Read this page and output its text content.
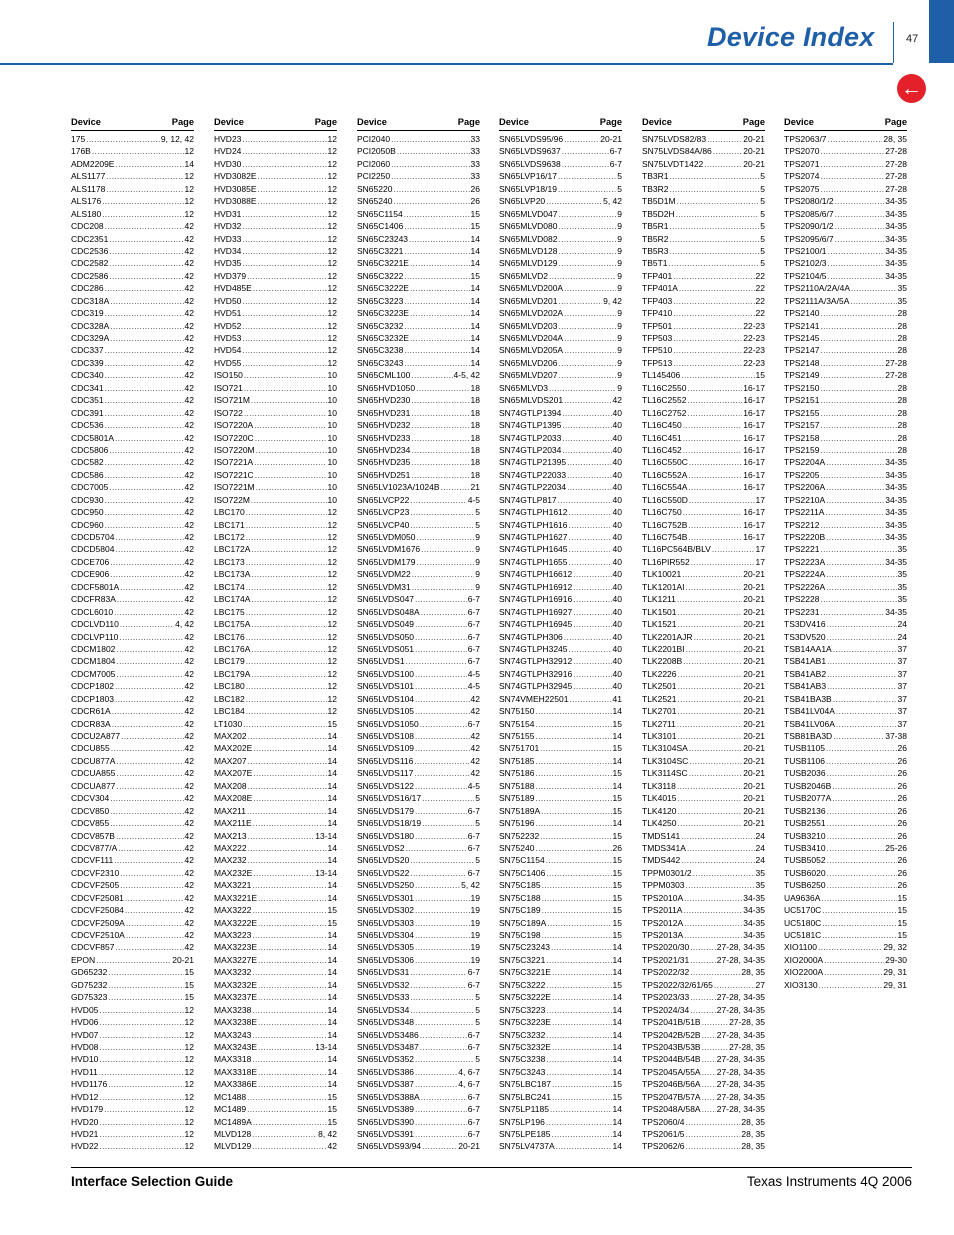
Device Index	47
←
Device	Page
175 .....	9, 12, 42
176B .....	12
ADM2209E .....	14
ALS1177 .....	12
ALS1178 .....	12
ALS176 .....	12
ALS180 .....	12
CDC208 .....	42
CDC2351 .....	42
CDC2536 .....	42
CDC2582 .....	42
CDC2586 .....	42
CDC286 .....	42
CDC318A .....	42
CDC319 .....	42
CDC328A .....	42
CDC329A .....	42
CDC337 .....	42
CDC339 .....	42
CDC340 .....	42
CDC341 .....	42
CDC351 .....	42
CDC391 .....	42
CDC536 .....	42
CDC5801A .....	42
CDC5806 .....	42
CDC582 .....	42
CDC586 .....	42
CDC7005 .....	42
CDC930 .....	42
CDC950 .....	42
CDC960 .....	42
CDCD5704 .....	42
CDCD5804 .....	42
CDCE706 .....	42
CDCE906 .....	42
CDCF5801A .....	42
CDCFR83A .....	42
CDCL6010 .....	42
CDCLVD110 .....	4, 42
CDCLVP110 .....	42
CDCM1802 .....	42
CDCM1804 .....	42
CDCM7005 .....	42
CDCP1802 .....	42
CDCP1803 .....	42
CDCR61A .....	42
CDCR83A .....	42
CDCU2A877 .....	42
CDCU855 .....	42
CDCU877A .....	42
CDCUA855 .....	42
CDCUA877 .....	42
CDCV304 .....	42
CDCV850 .....	42
CDCV855 .....	42
CDCV857B .....	42
CDCV877/A .....	42
CDCVF111 .....	42
CDCVF2310 .....	42
CDCVF2505 .....	42
CDCVF25081 .....	42
CDCVF25084 .....	42
CDCVF2509A .....	42
CDCVF2510A .....	42
CDCVF857 .....	42
EPON .....	20-21
GD65232 .....	15
GD75232 .....	15
GD75323 .....	15
HVD05 .....	12
HVD06 .....	12
HVD07 .....	12
HVD08 .....	12
HVD10 .....	12
HVD11 .....	12
HVD1176 .....	12
HVD12 .....	12
HVD179 .....	12
HVD20 .....	12
HVD21 .....	12
HVD22 .....	12
Device	Page
HVD23 .....	12
HVD24 .....	12
HVD30 .....	12
HVD3082E .....	12
HVD3085E .....	12
HVD3088E .....	12
HVD31 .....	12
HVD32 .....	12
HVD33 .....	12
HVD34 .....	12
HVD35 .....	12
HVD379 .....	12
HVD485E .....	12
HVD50 .....	12
HVD51 .....	12
HVD52 .....	12
HVD53 .....	12
HVD54 .....	12
HVD55 .....	12
ISO150 .....	10
ISO721 .....	10
ISO721M .....	10
ISO722 .....	10
ISO7220A .....	10
ISO7220C .....	10
ISO7220M .....	10
ISO7221A .....	10
ISO7221C .....	10
ISO7221M .....	10
ISO722M .....	10
LBC170 .....	12
LBC171 .....	12
LBC172 .....	12
LBC172A .....	12
LBC173 .....	12
LBC173A .....	12
LBC174 .....	12
LBC174A .....	12
LBC175 .....	12
LBC175A .....	12
LBC176 .....	12
LBC176A .....	12
LBC179 .....	12
LBC179A .....	12
LBC180 .....	12
LBC182 .....	12
LBC184 .....	12
LT1030 .....	15
MAX202 .....	14
MAX202E .....	14
MAX207 .....	14
MAX207E .....	14
MAX208 .....	14
MAX208E .....	14
MAX211 .....	14
MAX211E .....	14
MAX213 .....	13-14
MAX222 .....	14
MAX232 .....	14
MAX232E .....	13-14
MAX3221 .....	14
MAX3221E .....	14
MAX3222 .....	15
MAX3222E .....	15
MAX3223 .....	14
MAX3223E .....	14
MAX3227E .....	14
MAX3232 .....	14
MAX3232E .....	14
MAX3237E .....	14
MAX3238 .....	14
MAX3238E .....	14
MAX3243 .....	14
MAX3243E .....	13-14
MAX3318 .....	14
MAX3318E .....	14
MAX3386E .....	14
MC1488 .....	15
MC1489 .....	15
MC1489A .....	15
MLVD128 .....	8, 42
MLVD129 .....	42
Device	Page
PCI2040 .....	33
PCI2050B .....	33
PCI2060 .....	33
PCI2250 .....	33
SN65220 .....	26
SN65240 .....	26
SN65C1154 .....	15
SN65C1406 .....	15
SN65C23243 .....	14
SN65C3221 .....	14
SN65C3221E .....	14
SN65C3222 .....	15
SN65C3222E .....	14
SN65C3223 .....	14
SN65C3223E .....	14
SN65C3232 .....	14
SN65C3232E .....	14
SN65C3238 .....	14
SN65C3243 .....	14
SN65CML100 .....	4-5, 42
SN65HVD1050 .....	18
SN65HVD230 .....	18
SN65HVD231 .....	18
SN65HVD232 .....	18
SN65HVD233 .....	18
SN65HVD234 .....	18
SN65HVD235 .....	18
SN65HVD251 .....	18
SN65LV1023A/1024B .....	21
SN65LVCP22 .....	4-5
SN65LVCP23 .....	5
SN65LVCP40 .....	5
SN65LVDM050 .....	9
SN65LVDM1676 .....	9
SN65LVDM179 .....	9
SN65LVDM22 .....	9
SN65LVDM31 .....	9
SN65LVDS047 .....	6-7
SN65LVDS048A .....	6-7
SN65LVDS049 .....	6-7
SN65LVDS050 .....	6-7
SN65LVDS051 .....	6-7
SN65LVDS1 .....	6-7
SN65LVDS100 .....	4-5
SN65LVDS101 .....	4-5
SN65LVDS104 .....	42
SN65LVDS105 .....	42
SN65LVDS1050 .....	6-7
SN65LVDS108 .....	42
SN65LVDS109 .....	42
SN65LVDS116 .....	42
SN65LVDS117 .....	42
SN65LVDS122 .....	4-5
SN65LVDS16/17 .....	5
SN65LVDS179 .....	6-7
SN65LVDS18/19 .....	5
SN65LVDS180 .....	6-7
SN65LVDS2 .....	6-7
SN65LVDS20 .....	5
SN65LVDS22 .....	6-7
SN65LVDS250 .....	5, 42
SN65LVDS301 .....	19
SN65LVDS302 .....	19
SN65LVDS303 .....	19
SN65LVDS304 .....	19
SN65LVDS305 .....	19
SN65LVDS306 .....	19
SN65LVDS31 .....	6-7
SN65LVDS32 .....	6-7
SN65LVDS33 .....	5
SN65LVDS34 .....	5
SN65LVDS348 .....	5
SN65LVDS3486 .....	6-7
SN65LVDS3487 .....	6-7
SN65LVDS352 .....	5
SN65LVDS386 .....	4, 6-7
SN65LVDS387 .....	4, 6-7
SN65LVDS388A .....	6-7
SN65LVDS389 .....	6-7
SN65LVDS390 .....	6-7
SN65LVDS391 .....	6-7
SN65LVDS93/94 .....	20-21
Device	Page
SN65LVDS95/96 .....	20-21
SN65LVDS9637 .....	6-7
SN65LVDS9638 .....	6-7
SN65LVP16/17 .....	5
SN65LVP18/19 .....	5
SN65LVP20 .....	5, 42
SN65MLVD047 .....	9
SN65MLVD080 .....	9
SN65MLVD082 .....	9
SN65MLVD128 .....	9
SN65MLVD129 .....	9
SN65MLVD2 .....	9
SN65MLVD200A .....	9
SN65MLVD201 .....	9, 42
SN65MLVD202A .....	9
SN65MLVD203 .....	9
SN65MLVD204A .....	9
SN65MLVD205A .....	9
SN65MLVD206 .....	9
SN65MLVD207 .....	9
SN65MLVD3 .....	9
SN65MLVDS201 .....	42
SN74GTLP1394 .....	40
SN74GTLP1395 .....	40
SN74GTLP2033 .....	40
SN74GTLP2034 .....	40
SN74GTLP21395 .....	40
SN74GTLP22033 .....	40
SN74GTLP22034 .....	40
SN74GTLP817 .....	40
SN74GTLPH1612 .....	40
SN74GTLPH1616 .....	40
SN74GTLPH1627 .....	40
SN74GTLPH1645 .....	40
SN74GTLPH1655 .....	40
SN74GTLPH16612 .....	40
SN74GTLPH16912 .....	40
SN74GTLPH16916 .....	40
SN74GTLPH16927 .....	40
SN74GTLPH16945 .....	40
SN74GTLPH306 .....	40
SN74GTLPH3245 .....	40
SN74GTLPH32912 .....	40
SN74GTLPH32916 .....	40
SN74GTLPH32945 .....	40
SN74VMEH22501 .....	41
SN75150 .....	14
SN75154 .....	15
SN75155 .....	14
SN751701 .....	15
SN75185 .....	14
SN75186 .....	15
SN75188 .....	14
SN75189 .....	15
SN75189A .....	15
SN75196 .....	14
SN752232 .....	15
SN75240 .....	26
SN75C1154 .....	15
SN75C1406 .....	15
SN75C185 .....	15
SN75C188 .....	15
SN75C189 .....	15
SN75C189A .....	15
SN75C198 .....	15
SN75C23243 .....	14
SN75C3221 .....	14
SN75C3221E .....	14
SN75C3222 .....	15
SN75C3222E .....	14
SN75C3223 .....	14
SN75C3223E .....	14
SN75C3232 .....	14
SN75C3232E .....	14
SN75C3238 .....	14
SN75C3243 .....	14
SN75LBC187 .....	15
SN75LBC241 .....	15
SN75LP1185 .....	14
SN75LP196 .....	14
SN75LPE185 .....	14
SN75LV4737A .....	14
Device	Page
SN75LVDS82/83 .....	20-21
SN75LVDS84A/86 .....	20-21
SN75LVDT1422 .....	20-21
TB3R1 .....	5
TB3R2 .....	5
TB5D1M .....	5
TB5D2H .....	5
TB5R1 .....	5
TB5R2 .....	5
TB5R3 .....	5
TB5T1 .....	5
TFP401 .....	22
TFP401A .....	22
TFP403 .....	22
TFP410 .....	22
TFP501 .....	22-23
TFP503 .....	22-23
TFP510 .....	22-23
TFP513 .....	22-23
TL145406 .....	15
TL16C2550 .....	16-17
TL16C2552 .....	16-17
TL16C2752 .....	16-17
TL16C450 .....	16-17
TL16C451 .....	16-17
TL16C452 .....	16-17
TL16C550C .....	16-17
TL16C552A .....	16-17
TL16C554A .....	16-17
TL16C550D .....	17
TL16C750 .....	16-17
TL16C752B .....	16-17
TL16C754B .....	16-17
TL16PC564B/BLV .....	17
TL16PIR552 .....	17
TLK10021 .....	20-21
TLK1201AI .....	20-21
TLK1211 .....	20-21
TLK1501 .....	20-21
TLK1521 .....	20-21
TLK2201AJR .....	20-21
TLK2201BI .....	20-21
TLK2208B .....	20-21
TLK2226 .....	20-21
TLK2501 .....	20-21
TLK2521 .....	20-21
TLK2701 .....	20-21
TLK2711 .....	20-21
TLK3101 .....	20-21
TLK3104SA .....	20-21
TLK3104SC .....	20-21
TLK3114SC .....	20-21
TLK3118 .....	20-21
TLK4015 .....	20-21
TLK4120 .....	20-21
TLK4250 .....	20-21
TMDS141 .....	24
TMDS341A .....	24
TMDS442 .....	24
TPPM0301/2 .....	35
TPPM0303 .....	35
TPS2010A .....	34-35
TPS2011A .....	34-35
TPS2012A .....	34-35
TPS2013A .....	34-35
TPS2020/30 .....	27-28, 34-35
TPS2021/31 .....	27-28, 34-35
TPS2022/32 .....	28, 35
TPS2022/32/61/65 .....	27
TPS2023/33 .....	27-28, 34-35
TPS2024/34 .....	27-28, 34-35
TPS2041B/51B .....	27-28, 35
TPS2042B/52B ..... 27-28, 34-35
TPS2043B/53B .....	27-28, 35
TPS2044B/54B ..... 27-28, 34-35
TPS2045A/55A ..... 27-28, 34-35
TPS2046B/56A ..... 27-28, 34-35
TPS2047B/57A ..... 27-28, 34-35
TPS2048A/58A ..... 27-28, 34-35
TPS2060/4 .....	28, 35
TPS2061/5 .....	28, 35
TPS2062/6 .....	28, 35
Device	Page
TPS2063/7 .....	28, 35
TPS2070 .....	27-28
TPS2071 .....	27-28
TPS2074 .....	27-28
TPS2075 .....	27-28
TPS2080/1/2 .....	34-35
TPS2085/6/7 .....	34-35
TPS2090/1/2 .....	34-35
TPS2095/6/7 .....	34-35
TPS2100/1 .....	34-35
TPS2102/3 .....	34-35
TPS2104/5 .....	34-35
TPS2110A/2A/4A .....	35
TPS2111A/3A/5A .....	35
TPS2140 .....	28
TPS2141 .....	28
TPS2145 .....	28
TPS2147 .....	28
TPS2148 .....	27-28
TPS2149 .....	27-28
TPS2150 .....	28
TPS2151 .....	28
TPS2155 .....	28
TPS2157 .....	28
TPS2158 .....	28
TPS2159 .....	28
TPS2204A .....	34-35
TPS2205 .....	34-35
TPS2206A .....	34-35
TPS2210A .....	34-35
TPS2211A .....	34-35
TPS2212 .....	34-35
TPS2220B .....	34-35
TPS2221 .....	35
TPS2223A .....	34-35
TPS2224A .....	35
TPS2226A .....	35
TPS2228 .....	35
TPS2231 .....	34-35
TS3DV416 .....	24
TS3DV520 .....	24
TSB14AA1A .....	37
TSB41AB1 .....	37
TSB41AB2 .....	37
TSB41AB3 .....	37
TSB41BA3B .....	37
TSB41LV04A .....	37
TSB41LV06A .....	37
TSB81BA3D .....	37-38
TUSB1105 .....	26
TUSB1106 .....	26
TUSB2036 .....	26
TUSB2046B .....	26
TUSB2077A .....	26
TUSB2136 .....	26
TUSB2551 .....	26
TUSB3210 .....	26
TUSB3410 .....	25-26
TUSB5052 .....	26
TUSB6020 .....	26
TUSB6250 .....	26
UA9636A .....	15
UC5170C .....	15
UC5180C .....	15
UC5181C .....	15
XIO1100 .....	29, 32
XIO2000A .....	29-30
XIO2200A .....	29, 31
XIO3130 .....	29, 31
Interface Selection Guide	Texas Instruments 4Q 2006
